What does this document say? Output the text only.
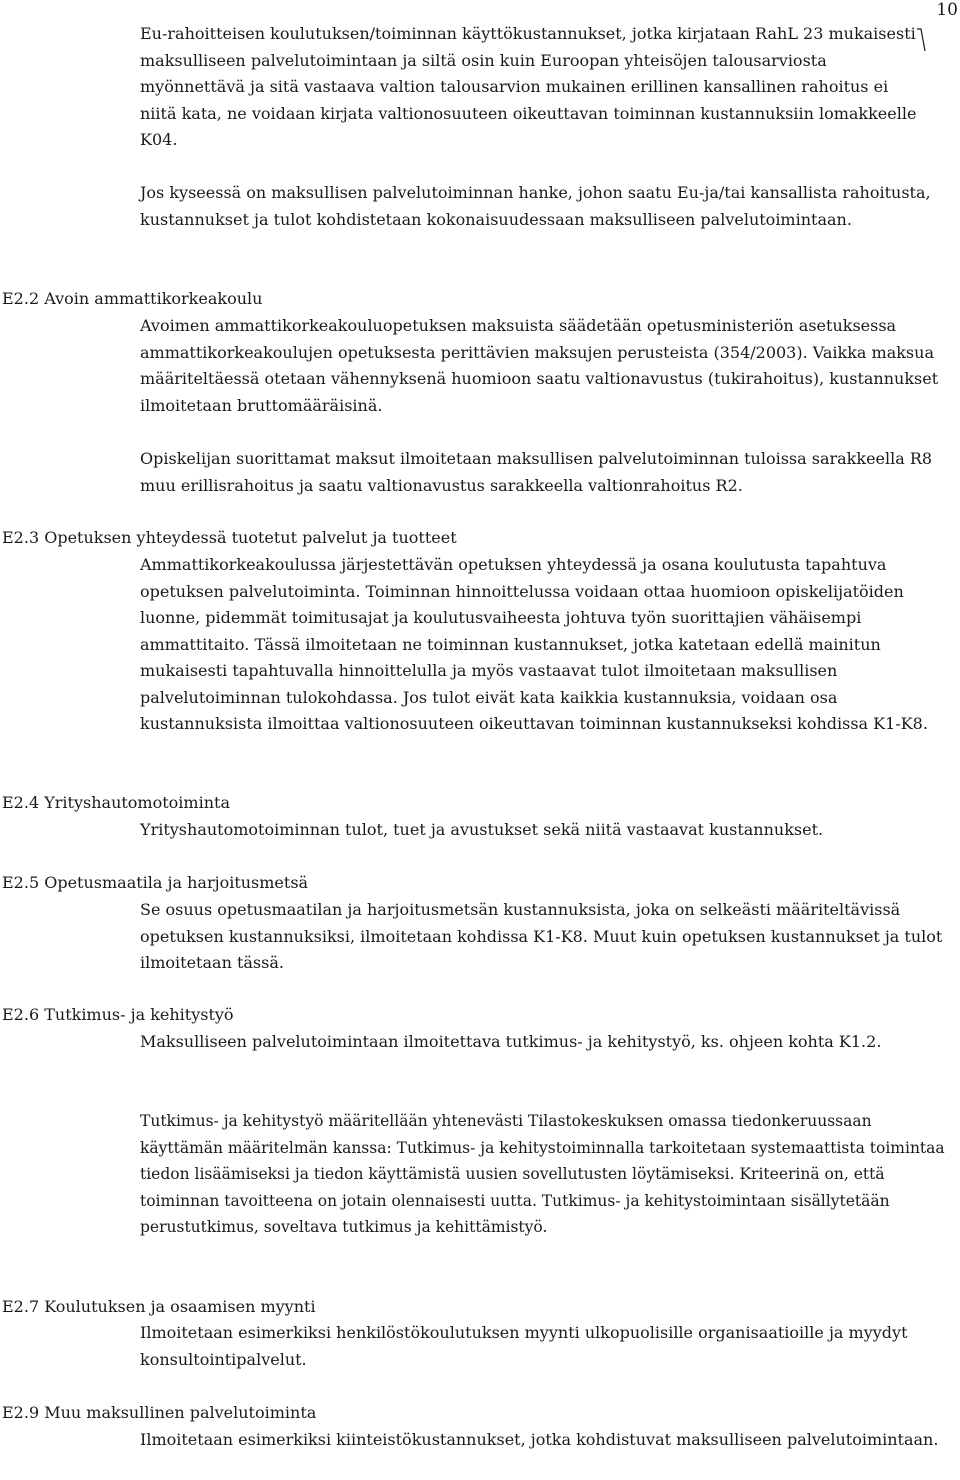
10

Eu-rahoitteisen koulutuksen/toiminnan käyttökustannukset, jotka kirjataan RahL 23 mukaisesti maksulliseen palvelutoimintaan ja siltä osin kuin Euroopan yhteisöjen talousarviosta myönnettävä ja sitä vastaava valtion talousarvion mukainen erillinen kansallinen rahoitus ei niitä kata, ne voidaan kirjata valtionosuuteen oikeuttavan toiminnan kustannuksiin lomakkeelle K04.

Jos kyseessä on maksullisen palvelutoiminnan hanke, johon saatu Eu-ja/tai kansallista rahoitusta, kustannukset ja tulot kohdistetaan kokonaisuudessaan maksulliseen palvelutoimintaan.

E2.2 Avoin ammattikorkeakoulu

Avoimen ammattikorkeakouluopetuksen maksuista säädetään opetusministeriön asetuksessa ammattikorkeakoulujen opetuksesta perittävien maksujen perusteista (354/2003). Vaikka maksua määriteltäessä otetaan vähennyksenä huomioon saatu valtionavustus (tukirahoitus), kustannukset ilmoitetaan bruttomääräisinä.

Opiskelijan suorittamat maksut ilmoitetaan maksullisen palvelutoiminnan tuloissa sarakkeella R8 muu erillisrahoitus ja saatu valtionavustus sarakkeella valtionrahoitus R2.

E2.3 Opetuksen yhteydessä tuotetut palvelut ja tuotteet

Ammattikorkeakoulussa järjestettävän opetuksen yhteydessä ja osana koulutusta tapahtuva opetuksen palvelutoiminta. Toiminnan hinnoittelussa voidaan ottaa huomioon opiskelijatöiden luonne, pidemmät toimitusajat ja koulutusvaiheesta johtuva työn suorittajien vähäisempi ammattitaito. Tässä ilmoitetaan ne toiminnan kustannukset, jotka katetaan edellä mainitun mukaisesti tapahtuvalla hinnoittelulla ja myös vastaavat tulot ilmoitetaan maksullisen palvelutoiminnan tulokohdassa. Jos tulot eivät kata kaikkia kustannuksia, voidaan osa kustannuksista ilmoittaa valtionosuuteen oikeuttavan toiminnan kustannukseksi kohdissa K1-K8.

E2.4 Yrityshautomotoiminta

Yrityshautomotoiminnan tulot, tuet ja avustukset sekä niitä vastaavat kustannukset.

E2.5 Opetusmaatila ja harjoitusmetsä

Se osuus opetusmaatilan ja harjoitusmetsän kustannuksista, joka on selkeästi määriteltävissä opetuksen kustannuksiksi, ilmoitetaan kohdissa K1-K8. Muut kuin opetuksen kustannukset ja tulot ilmoitetaan tässä.

E2.6 Tutkimus- ja kehitystyö

Maksulliseen palvelutoimintaan ilmoitettava tutkimus- ja kehitystyö, ks. ohjeen kohta K1.2.

Tutkimus- ja kehitystyö määritellään yhtenevästi Tilastokeskuksen omassa tiedonkeruussaan käyttämän määritelmän kanssa: Tutkimus- ja kehitystoiminnalla tarkoitetaan systemaattista toimintaa tiedon lisäämiseksi ja tiedon käyttämistä uusien sovellutusten löytämiseksi. Kriteerinä on, että toiminnan tavoitteena on jotain olennaisesti uutta. Tutkimus- ja kehitystoimintaan sisällytetään perustutkimus, soveltava tutkimus ja kehittämistyö.

E2.7 Koulutuksen ja osaamisen myynti

Ilmoitetaan esimerkiksi henkilöstökoulutuksen myynti ulkopuolisille organisaatioille ja myydyt konsultointipalvelut.

E2.9 Muu maksullinen palvelutoiminta

Ilmoitetaan esimerkiksi kiinteistökustannukset, jotka kohdistuvat maksulliseen palvelutoimintaan.
